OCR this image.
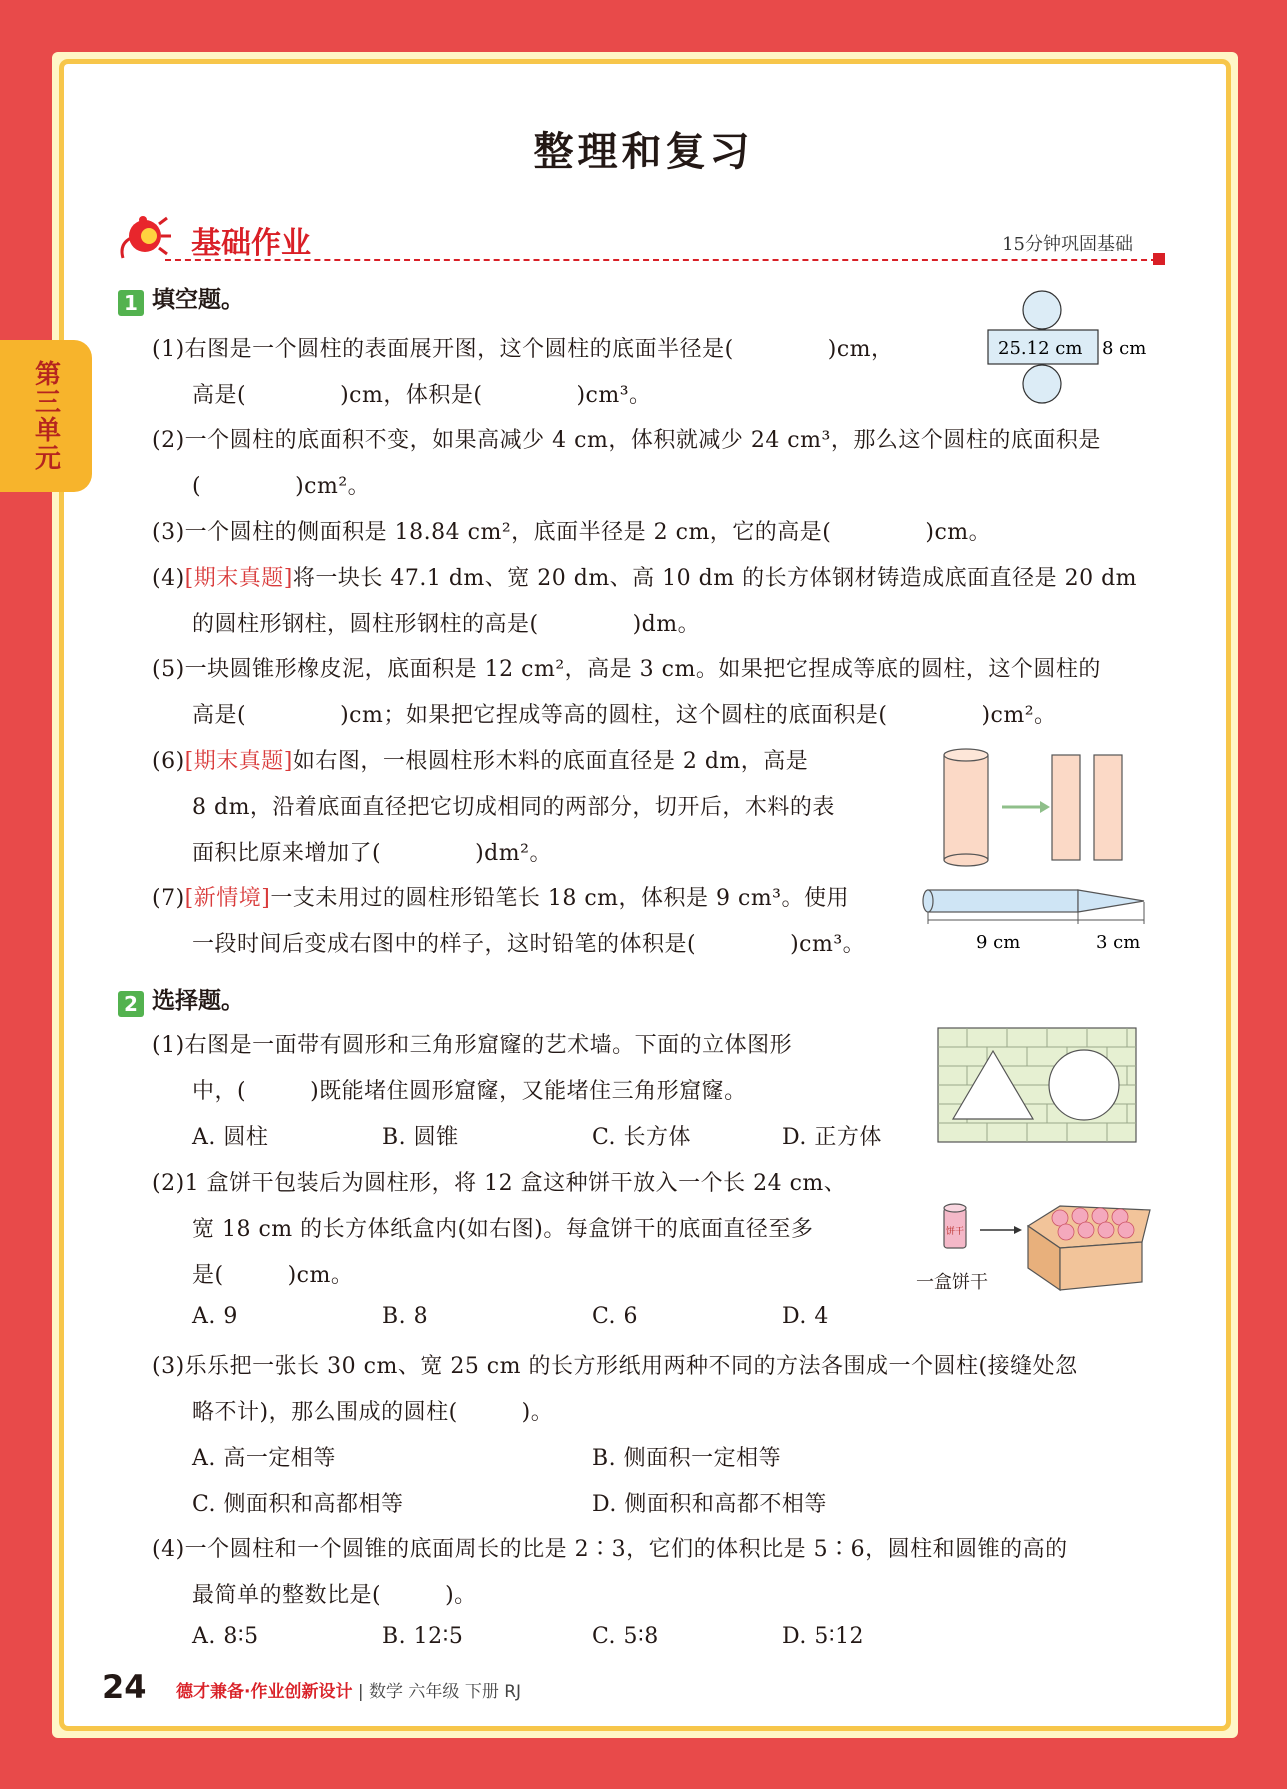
第三单元
整理和复习
基础作业	15分钟巩固基础
1 填空题。
(1)右图是一个圆柱的表面展开图，这个圆柱的底面半径是(	)cm，
高是(	)cm，体积是(	)cm³。
25.12 cm 8 cm
(2)一个圆柱的底面积不变，如果高减少 4 cm，体积就减少 24 cm³，那么这个圆柱的底面积是
(	)cm²。
(3)一个圆柱的侧面积是 18.84 cm²，底面半径是 2 cm，它的高是(	)cm。
(4)[期末真题]将一块长 47.1 dm、宽 20 dm、高 10 dm 的长方体钢材铸造成底面直径是 20 dm
的圆柱形钢柱，圆柱形钢柱的高是(	)dm。
(5)一块圆锥形橡皮泥，底面积是 12 cm²，高是 3 cm。如果把它捏成等底的圆柱，这个圆柱的
高是(	)cm；如果把它捏成等高的圆柱，这个圆柱的底面积是(	)cm²。
(6)[期末真题]如右图，一根圆柱形木料的底面直径是 2 dm，高是
8 dm，沿着底面直径把它切成相同的两部分，切开后，木料的表
面积比原来增加了(	)dm²。
(7)[新情境]一支未用过的圆柱形铅笔长 18 cm，体积是 9 cm³。使用
一段时间后变成右图中的样子，这时铅笔的体积是(	)cm³。	9 cm	3 cm
2 选择题。
(1)右图是一面带有圆形和三角形窟窿的艺术墙。下面的立体图形
中，(	)既能堵住圆形窟窿，又能堵住三角形窟窿。
A. 圆柱	B. 圆锥	C. 长方体	D. 正方体
(2)1 盒饼干包装后为圆柱形，将 12 盒这种饼干放入一个长 24 cm、
宽 18 cm 的长方体纸盒内(如右图)。每盒饼干的底面直径至多
是(	)cm。
A. 9	B. 8	C. 6	D. 4
饼干
一盒饼干
(3)乐乐把一张长 30 cm、宽 25 cm 的长方形纸用两种不同的方法各围成一个圆柱(接缝处忽
略不计)，那么围成的圆柱(	)。
A. 高一定相等	B. 侧面积一定相等
C. 侧面积和高都相等	D. 侧面积和高都不相等
(4)一个圆柱和一个圆锥的底面周长的比是 2∶3，它们的体积比是 5∶6，圆柱和圆锥的高的
最简单的整数比是(	)。
A. 8∶5	B. 12∶5	C. 5∶8	D. 5∶12
24 德才兼备·作业创新设计 | 数学 六年级 下册 RJ
